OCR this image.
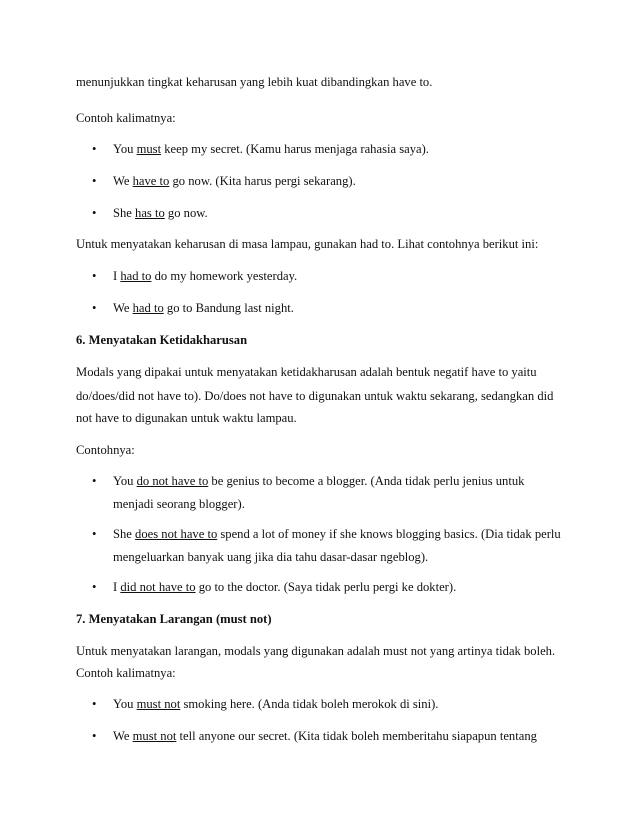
menunjukkan tingkat keharusan yang lebih kuat dibandingkan have to.
Contoh kalimatnya:
• You must keep my secret. (Kamu harus menjaga rahasia saya).
• We have to go now. (Kita harus pergi sekarang).
• She has to go now.
Untuk menyatakan keharusan di masa lampau, gunakan had to. Lihat contohnya berikut ini:
• I had to do my homework yesterday.
• We had to go to Bandung last night.
6. Menyatakan Ketidakharusan
Modals yang dipakai untuk menyatakan ketidakharusan adalah bentuk negatif have to yaitu
do/does/did not have to). Do/does not have to digunakan untuk waktu sekarang, sedangkan did
not have to digunakan untuk waktu lampau.
Contohnya:
• You do not have to be genius to become a blogger. (Anda tidak perlu jenius untuk
menjadi seorang blogger).
• She does not have to spend a lot of money if she knows blogging basics. (Dia tidak perlu
mengeluarkan banyak uang jika dia tahu dasar-dasar ngeblog).
• I did not have to go to the doctor. (Saya tidak perlu pergi ke dokter).
7. Menyatakan Larangan (must not)
Untuk menyatakan larangan, modals yang digunakan adalah must not yang artinya tidak boleh.
Contoh kalimatnya:
• You must not smoking here. (Anda tidak boleh merokok di sini).
• We must not tell anyone our secret. (Kita tidak boleh memberitahu siapapun tentang
